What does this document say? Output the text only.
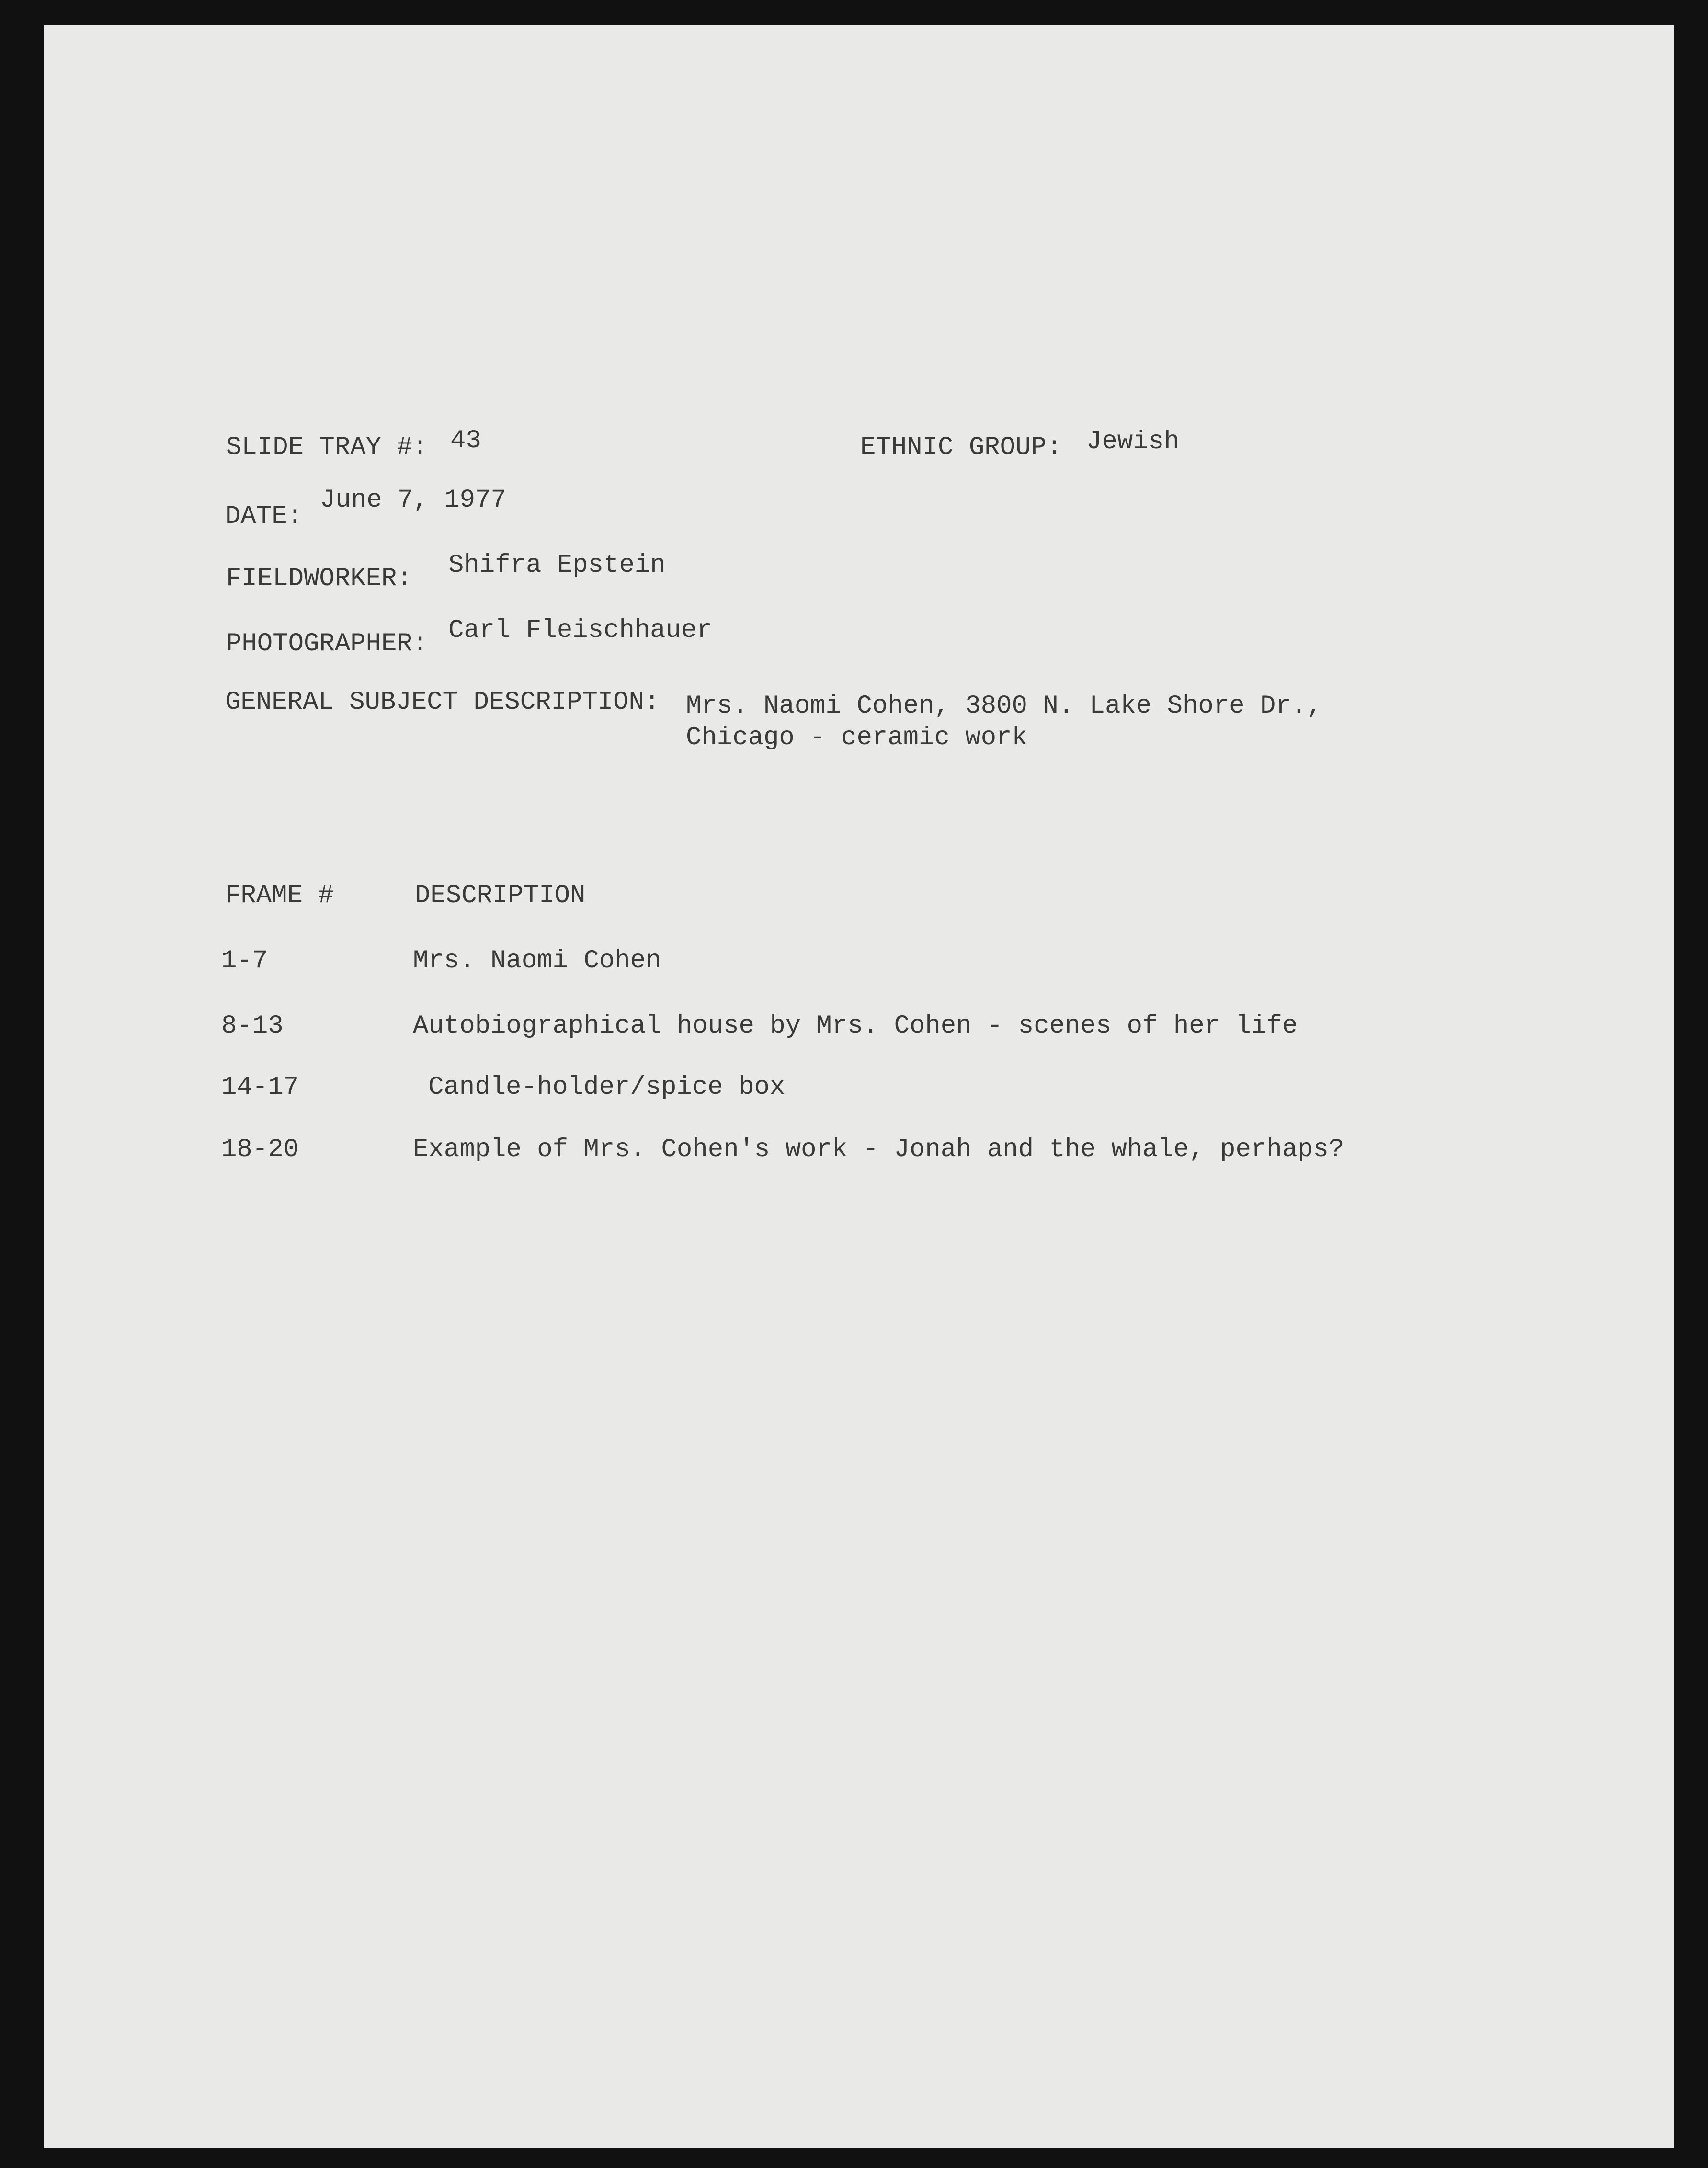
SLIDE TRAY #:

43

	ETHNIC GROUP:

Jewish

DATE:

June 7, 1977

FIELDWORKER:

Shifra Epstein

PHOTOGRAPHER:

Carl Fleischhauer

GENERAL SUBJECT DESCRIPTION:

Mrs. Naomi Cohen, 3800 N. Lake Shore Dr.,

Chicago - ceramic work

FRAME #

	DESCRIPTION

1-7

	Mrs. Naomi Cohen

8-13

	Autobiographical house by Mrs. Cohen - scenes of her life

14-17

	Candle-holder/spice box

18-20

	Example of Mrs. Cohen's work - Jonah and the whale, perhaps?
